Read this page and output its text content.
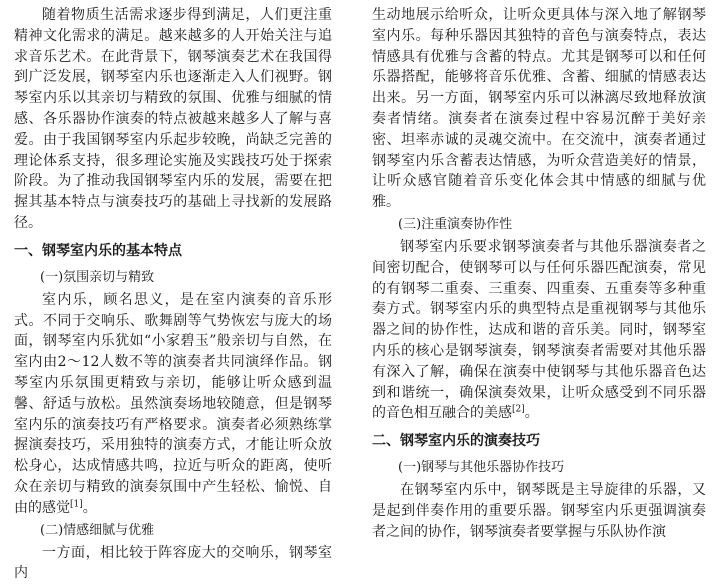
随着物质生活需求逐步得到满足，人们更注重精神文化需求的满足。越来越多的人开始关注与追求音乐艺术。在此背景下，钢琴演奏艺术在我国得到广泛发展，钢琴室内乐也逐渐走入人们视野。钢琴室内乐以其亲切与精致的氛围、优雅与细腻的情感、各乐器协作演奏的特点被越来越多人了解与喜爱。由于我国钢琴室内乐起步较晚，尚缺乏完善的理论体系支持，很多理论实施及实践技巧处于探索阶段。为了推动我国钢琴室内乐的发展，需要在把握其基本特点与演奏技巧的基础上寻找新的发展路径。

一、钢琴室内乐的基本特点
(一)氛围亲切与精致

室内乐，顾名思义，是在室内演奏的音乐形式。不同于交响乐、歌舞剧等气势恢宏与庞大的场面，钢琴室内乐犹如“小家碧玉”般亲切与自然，在室内由2～12人数不等的演奏者共同演绎作品。钢琴室内乐氛围更精致与亲切，能够让听众感到温馨、舒适与放松。虽然演奏场地较随意，但是钢琴室内乐的演奏技巧有严格要求。演奏者必须熟练掌握演奏技巧，采用独特的演奏方式，才能让听众放松身心，达成情感共鸣，拉近与听众的距离，使听众在亲切与精致的演奏氛围中产生轻松、愉悦、自由的感觉[1]。

(二)情感细腻与优雅

一方面，相比较于阵容庞大的交响乐，钢琴室内

生动地展示给听众，让听众更具体与深入地了解钢琴室内乐。每种乐器因其独特的音色与演奏特点，表达情感具有优雅与含蓄的特点。尤其是钢琴可以和任何乐器搭配，能够将音乐优雅、含蓄、细腻的情感表达出来。另一方面，钢琴室内乐可以淋漓尽致地释放演奏者情绪。演奏者在演奏过程中容易沉醉于美好亲密、坦率赤诚的灵魂交流中。在交流中，演奏者通过钢琴室内乐含蓄表达情感，为听众营造美好的情景，让听众感官随着音乐变化体会其中情感的细腻与优雅。

(三)注重演奏协作性

钢琴室内乐要求钢琴演奏者与其他乐器演奏者之间密切配合，使钢琴可以与任何乐器匹配演奏，常见的有钢琴二重奏、三重奏、四重奏、五重奏等多种重奏方式。钢琴室内乐的典型特点是重视钢琴与其他乐器之间的协作性，达成和谐的音乐美。同时，钢琴室内乐的核心是钢琴演奏，钢琴演奏者需要对其他乐器有深入了解，确保在演奏中使钢琴与其他乐器音色达到和谐统一，确保演奏效果，让听众感受到不同乐器的音色相互融合的美感[2]。

二、钢琴室内乐的演奏技巧
(一)钢琴与其他乐器协作技巧

在钢琴室内乐中，钢琴既是主导旋律的乐器，又是起到伴奏作用的重要乐器。钢琴室内乐更强调演奏者之间的协作，钢琴演奏者要掌握与乐队协作演
